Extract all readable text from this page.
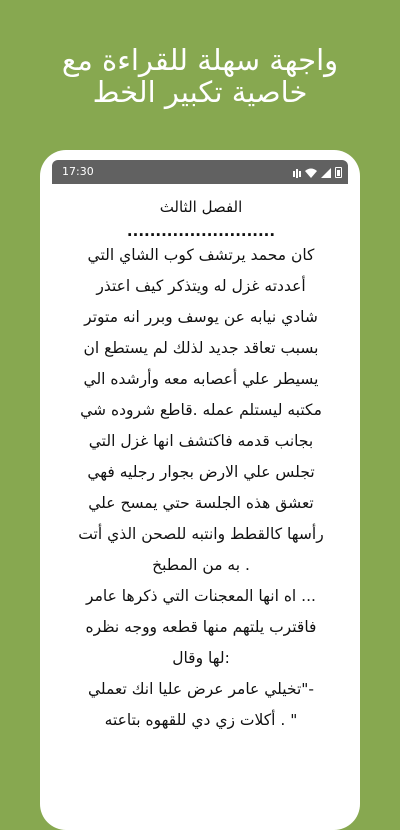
واجهة سهلة للقراءة مع
خاصية تكبير الخط
17:30
الفصل الثالث
..........................
كان محمد يرتشف كوب الشاي التي
أعددته غزل له ويتذكر كيف اعتذر
شادي نيابه عن يوسف وبرر انه متوتر
بسبب تعاقد جديد لذلك لم يستطع ان
يسيطر علي أعصابه معه وأرشده الي
مكتبه ليستلم عمله .قاطع شروده شي
بجانب قدمه فاكتشف انها غزل التي
تجلس علي الارض بجوار رجليه فهي
تعشق هذه الجلسة حتي يمسح علي
رأسها كالقطط وانتبه للصحن الذي أتت
. به من المطبخ
... اه انها المعجنات التي ذكرها عامر
فاقترب يلتهم منها قطعه ووجه نظره
:لها وقال
-"تخيلي عامر عرض عليا انك تعملي
" . أكلات زي دي للقهوه بتاعته
